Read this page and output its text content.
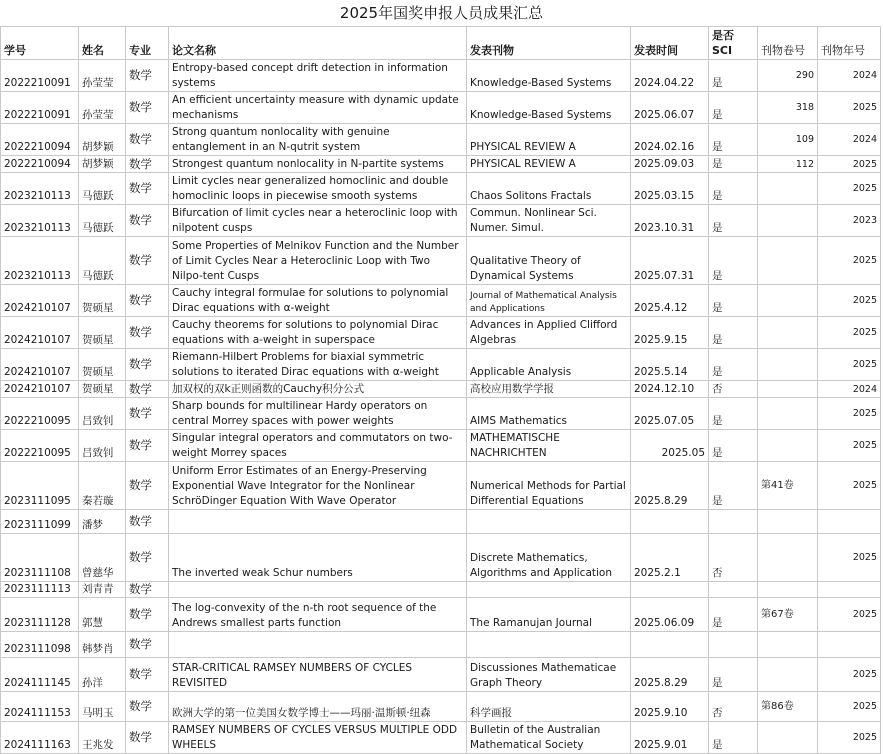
2025年国奖申报人员成果汇总
学号	姓名	专业	论文名称	发表刊物	发表时间	是否SCI	刊物卷号	刊物年号
2022210091	孙莹莹	数学	Entropy-based concept drift detection in information systems	Knowledge-Based Systems	2024.04.22	是	290	2024
2022210091	孙莹莹	数学	An efficient uncertainty measure with dynamic update mechanisms	Knowledge-Based Systems	2025.06.07	是	318	2025
2022210094	胡梦颖	数学	Strong quantum nonlocality with genuine entanglement in an N-qutrit system	PHYSICAL REVIEW A	2024.02.16	是	109	2024
2022210094	胡梦颖	数学	Strongest quantum nonlocality in N-partite systems	PHYSICAL REVIEW A	2025.09.03	是	112	2025
2023210113	马德跃	数学	Limit cycles near generalized homoclinic and double homoclinic loops in piecewise smooth systems	Chaos Solitons Fractals	2025.03.15	是		2025
2023210113	马德跃	数学	Bifurcation of limit cycles near a heteroclinic loop with nilpotent cusps	Commun. Nonlinear Sci. Numer. Simul.	2023.10.31	是		2023
2023210113	马德跃	数学	Some Properties of Melnikov Function and the Number of Limit Cycles Near a Heteroclinic Loop with Two Nilpo-tent Cusps	Qualitative Theory of Dynamical Systems	2025.07.31	是		2025
2024210107	贺硕星	数学	Cauchy integral formulae for solutions to polynomial Dirac equations with α-weight	Journal of Mathematical Analysis and Applications	2025.4.12	是		2025
2024210107	贺硕星	数学	Cauchy theorems for solutions to polynomial Dirac equations with a-weight in superspace	Advances in Applied Clifford Algebras	2025.9.15	是		2025
2024210107	贺硕星	数学	Riemann-Hilbert Problems for biaxial symmetric solutions to iterated Dirac equations with α-weight	Applicable Analysis	2025.5.14	是		2025
2024210107	贺硕星	数学	加双权的双k正则函数的Cauchy积分公式	高校应用数学学报	2024.12.10	否		2024
2022210095	吕致钊	数学	Sharp bounds for multilinear Hardy operators on central Morrey spaces with power weights	AIMS Mathematics	2025.07.05	是		2025
2022210095	吕致钊	数学	Singular integral operators and commutators on two-weight Morrey spaces	MATHEMATISCHE NACHRICHTEN	2025.05	是		2025
2023111095	秦若璇	数学	Uniform Error Estimates of an Energy-Preserving Exponential Wave Integrator for the Nonlinear SchröDinger Equation With Wave Operator	Numerical Methods for Partial Differential Equations	2025.8.29	是	第41卷	2025
2023111099	潘梦	数学						
2023111108	曾慈华	数学	The inverted weak Schur numbers	Discrete Mathematics, Algorithms and Application	2025.2.1	否		2025
2023111113	刘青青	数学						
2023111128	郭慧	数学	The log-convexity of the n-th root sequence of the Andrews smallest parts function	The Ramanujan Journal	2025.06.09	是	第67卷	2025
2023111098	韩梦肖	数学						
2024111145	孙洋	数学	STAR-CRITICAL RAMSEY NUMBERS OF CYCLES REVISITED	Discussiones Mathematicae Graph Theory	2025.8.29	是		2025
2024111153	马明玉	数学	欧洲大学的第一位美国女数学博士——玛丽·温斯顿·纽森	科学画报	2025.9.10	否	第86卷	2025
2024111163	王兆发	数学	RAMSEY NUMBERS OF CYCLES VERSUS MULTIPLE ODD WHEELS	Bulletin of the Australian Mathematical Society	2025.9.01	是		2025
